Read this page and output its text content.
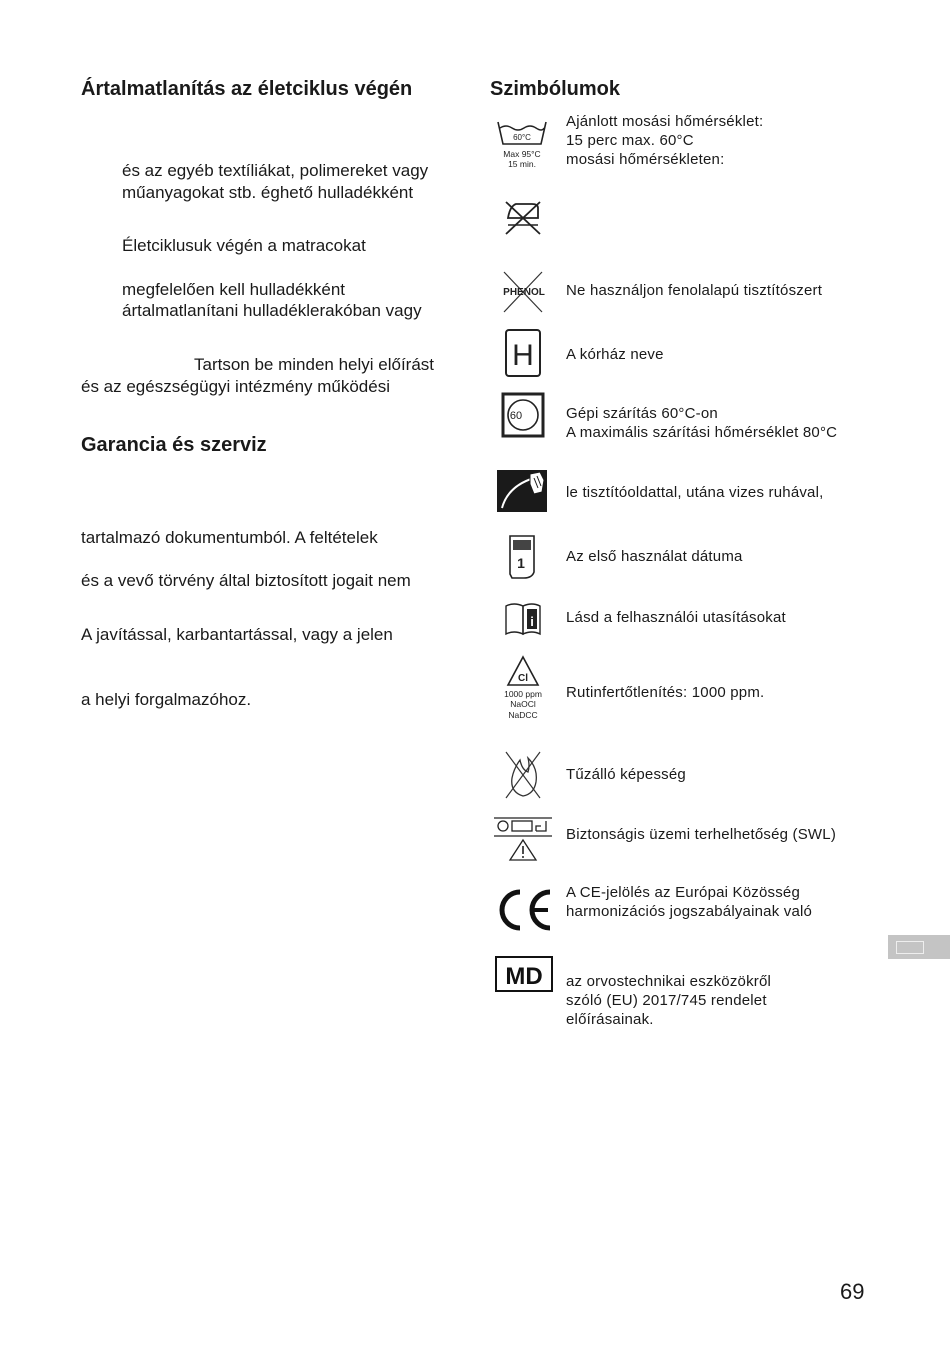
Ártalmatlanítás az életciklus végén
és az egyéb textíliákat, polimereket vagy
műanyagokat stb. éghető hulladékként
Életciklusuk végén a matracokat
megfelelően kell hulladékként
ártalmatlanítani hulladéklerakóban vagy
Tartson be minden helyi előírást
és az egészségügyi intézmény működési
Garancia és szerviz
tartalmazó dokumentumból. A feltételek
és a vevő törvény által biztosított jogait nem
A javítással, karbantartással, vagy a jelen
a helyi forgalmazóhoz.
Szimbólumok
60°C
Max 95°C
15 min.
Ajánlott mosási hőmérséklet:
15 perc max. 60°C
mosási hőmérsékleten:
PHENOL Ne használjon fenolalapú tisztítószert
H A kórház neve
60	Gépi szárítás 60°C-on
A maximális szárítási hőmérséklet 80°C
le tisztítóoldattal, utána vizes ruhával,
1	Az első használat dátuma
i Lásd a felhasználói utasításokat
Cl
1000 ppm
NaOCl
NaDCC
Rutinfertőtlenítés: 1000 ppm.
Tűzálló képesség
Biztonságis üzemi terhelhetőség (SWL)
A CE-jelölés az Európai Közösség
harmonizációs jogszabályainak való
MD az orvostechnikai eszközökről
szóló (EU) 2017/745 rendelet
előírásainak.
69
